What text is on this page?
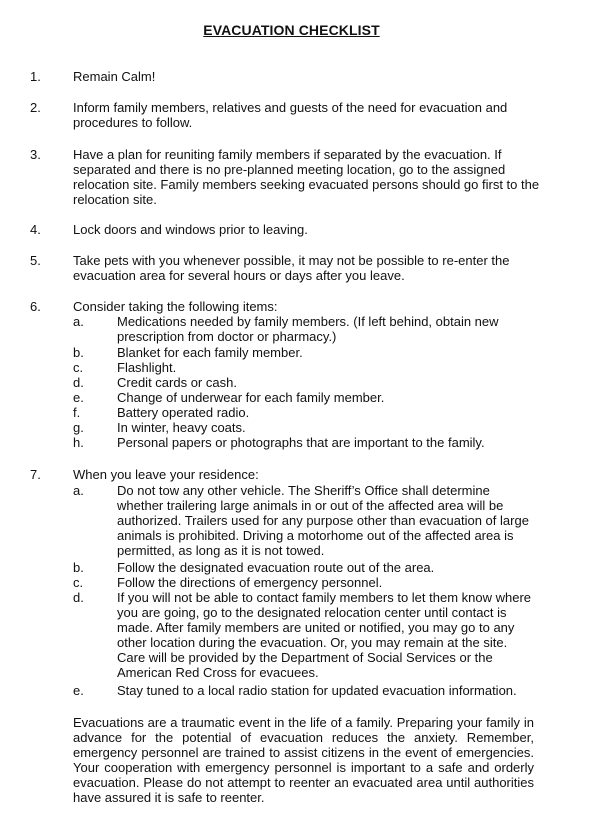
EVACUATION CHECKLIST
1.	Remain Calm!
2.	Inform family members, relatives and guests of the need for evacuation and procedures to follow.
3.	Have a plan for reuniting family members if separated by the evacuation. If separated and there is no pre-planned meeting location, go to the assigned relocation site. Family members seeking evacuated persons should go first to the relocation site.
4.	Lock doors and windows prior to leaving.
5.	Take pets with you whenever possible, it may not be possible to re-enter the evacuation area for several hours or days after you leave.
6.	Consider taking the following items:
a.	Medications needed by family members. (If left behind, obtain new prescription from doctor or pharmacy.)
b.	Blanket for each family member.
c.	Flashlight.
d.	Credit cards or cash.
e.	Change of underwear for each family member.
f.	Battery operated radio.
g.	In winter, heavy coats.
h.	Personal papers or photographs that are important to the family.
7.	When you leave your residence:
a.	Do not tow any other vehicle. The Sheriff’s Office shall determine whether trailering large animals in or out of the affected area will be authorized. Trailers used for any purpose other than evacuation of large animals is prohibited. Driving a motorhome out of the affected area is permitted, as long as it is not towed.
b.	Follow the designated evacuation route out of the area.
c.	Follow the directions of emergency personnel.
d.	If you will not be able to contact family members to let them know where you are going, go to the designated relocation center until contact is made. After family members are united or notified, you may go to any other location during the evacuation. Or, you may remain at the site. Care will be provided by the Department of Social Services or the American Red Cross for evacuees.
e.	Stay tuned to a local radio station for updated evacuation information.
Evacuations are a traumatic event in the life of a family. Preparing your family in advance for the potential of evacuation reduces the anxiety. Remember, emergency personnel are trained to assist citizens in the event of emergencies. Your cooperation with emergency personnel is important to a safe and orderly evacuation. Please do not attempt to reenter an evacuated area until authorities have assured it is safe to reenter.
